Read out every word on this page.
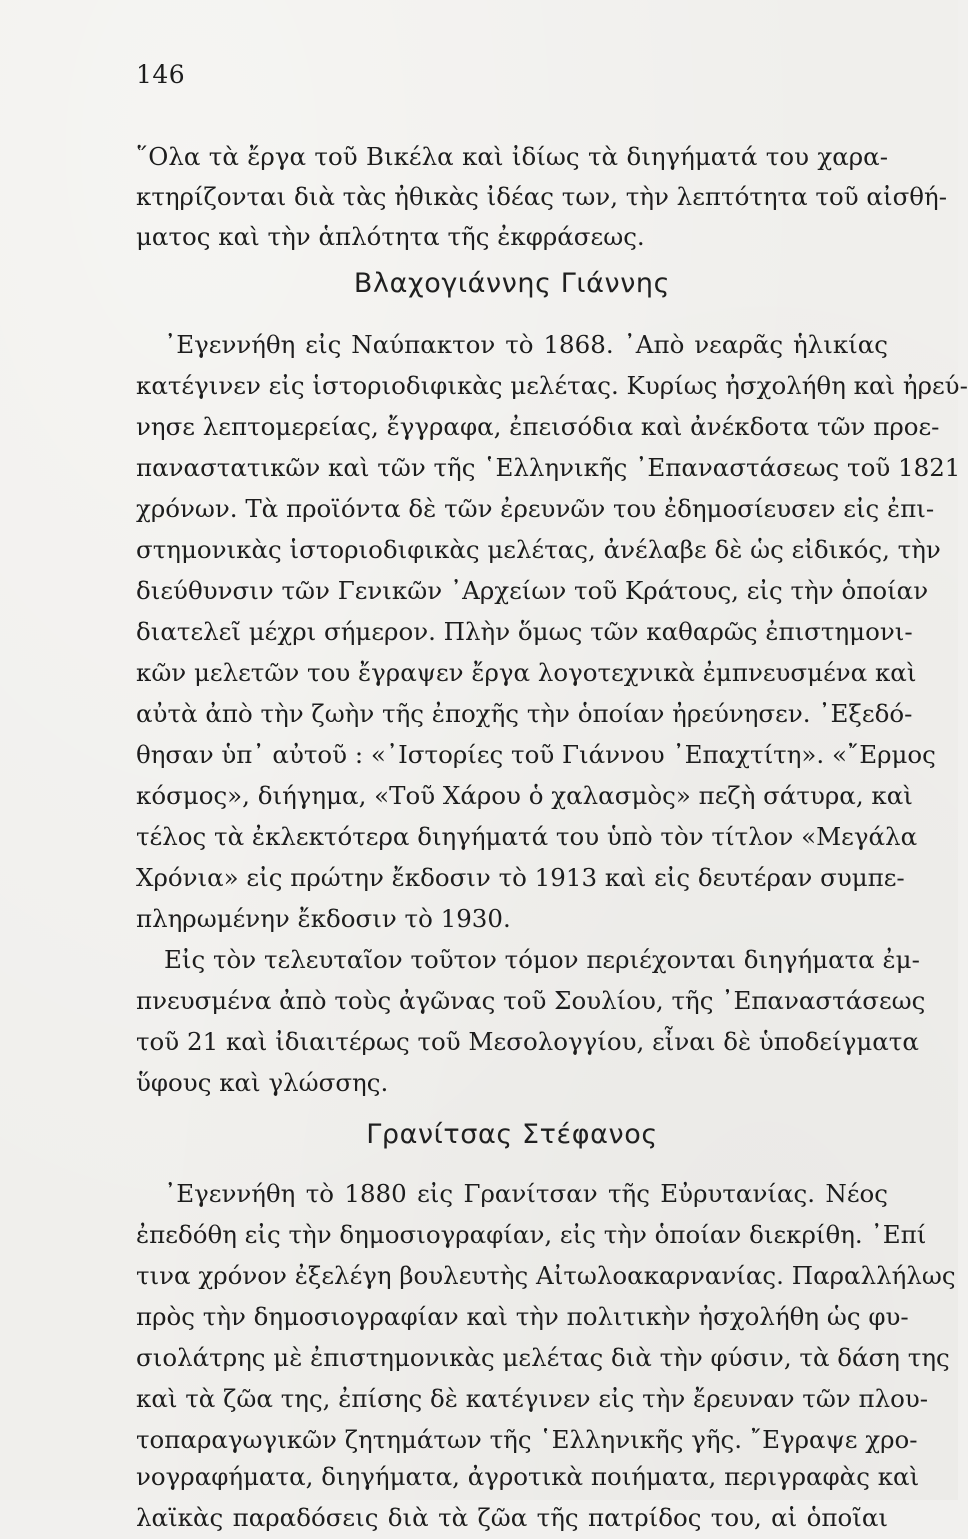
146
῞Ολα τὰ ἔργα τοῦ Βικέλα καὶ ἰδίως τὰ διηγήματά του χαρα-
κτηρίζονται διὰ τὰς ἠθικὰς ἰδέας των, τὴν λεπτότητα τοῦ αἰσθή-
ματος καὶ τὴν ἁπλότητα τῆς ἐκφράσεως.
Βλαχογιάννης Γιάννης
᾿Εγεννήθη εἰς Ναύπακτον τὸ 1868. ᾿Απὸ νεαρᾶς ἡλικίας
κατέγινεν εἰς ἱστοριοδιφικὰς μελέτας. Κυρίως ἠσχολήθη καὶ ἠρεύ-
νησε λεπτομερείας, ἔγγραφα, ἐπεισόδια καὶ ἀνέκδοτα τῶν προε-
παναστατικῶν καὶ τῶν τῆς ῾Ελληνικῆς ᾿Επαναστάσεως τοῦ 1821
χρόνων. Τὰ προϊόντα δὲ τῶν ἐρευνῶν του ἐδημοσίευσεν εἰς ἐπι-
στημονικὰς ἱστοριοδιφικὰς μελέτας, ἀνέλαβε δὲ ὡς εἰδικός, τὴν
διεύθυνσιν τῶν Γενικῶν ᾿Αρχείων τοῦ Κράτους, εἰς τὴν ὁποίαν
διατελεῖ μέχρι σήμερον. Πλὴν ὅμως τῶν καθαρῶς ἐπιστημονι-
κῶν μελετῶν του ἔγραψεν ἔργα λογοτεχνικὰ ἐμπνευσμένα καὶ
αὐτὰ ἀπὸ τὴν ζωὴν τῆς ἐποχῆς τὴν ὁποίαν ἠρεύνησεν. ᾿Εξεδό-
θησαν ὑπ᾿ αὐτοῦ : «᾿Ιστορίες τοῦ Γιάννου ᾿Επαχτίτη». «῎Ερμος
κόσμος», διήγημα, «Τοῦ Χάρου ὁ χαλασμὸς» πεζὴ σάτυρα, καὶ
τέλος τὰ ἐκλεκτότερα διηγήματά του ὑπὸ τὸν τίτλον «Μεγάλα
Χρόνια» εἰς πρώτην ἔκδοσιν τὸ 1913 καὶ εἰς δευτέραν συμπε-
πληρωμένην ἔκδοσιν τὸ 1930.
Εἰς τὸν τελευταῖον τοῦτον τόμον περιέχονται διηγήματα ἐμ-
πνευσμένα ἀπὸ τοὺς ἀγῶνας τοῦ Σουλίου, τῆς ᾿Επαναστάσεως
τοῦ 21 καὶ ἰδιαιτέρως τοῦ Μεσολογγίου, εἶναι δὲ ὑποδείγματα
ὕφους καὶ γλώσσης.
Γρανίτσας Στέφανος
᾿Εγεννήθη τὸ 1880 εἰς Γρανίτσαν τῆς Εὐρυτανίας. Νέος
ἐπεδόθη εἰς τὴν δημοσιογραφίαν, εἰς τὴν ὁποίαν διεκρίθη. ᾿Επί
τινα χρόνον ἐξελέγη βουλευτὴς Αἰτωλοακαρνανίας. Παραλλήλως
πρὸς τὴν δημοσιογραφίαν καὶ τὴν πολιτικὴν ἠσχολήθη ὡς φυ-
σιολάτρης μὲ ἐπιστημονικὰς μελέτας διὰ τὴν φύσιν, τὰ δάση της
καὶ τὰ ζῶα της, ἐπίσης δὲ κατέγινεν εἰς τὴν ἔρευναν τῶν πλου-
τοπαραγωγικῶν ζητημάτων τῆς ῾Ελληνικῆς γῆς. ῎Εγραψε χρο-
νογραφήματα, διηγήματα, ἀγροτικὰ ποιήματα, περιγραφὰς καὶ
λαϊκὰς παραδόσεις διὰ τὰ ζῶα τῆς πατρίδος του, αἱ ὁποῖαι
